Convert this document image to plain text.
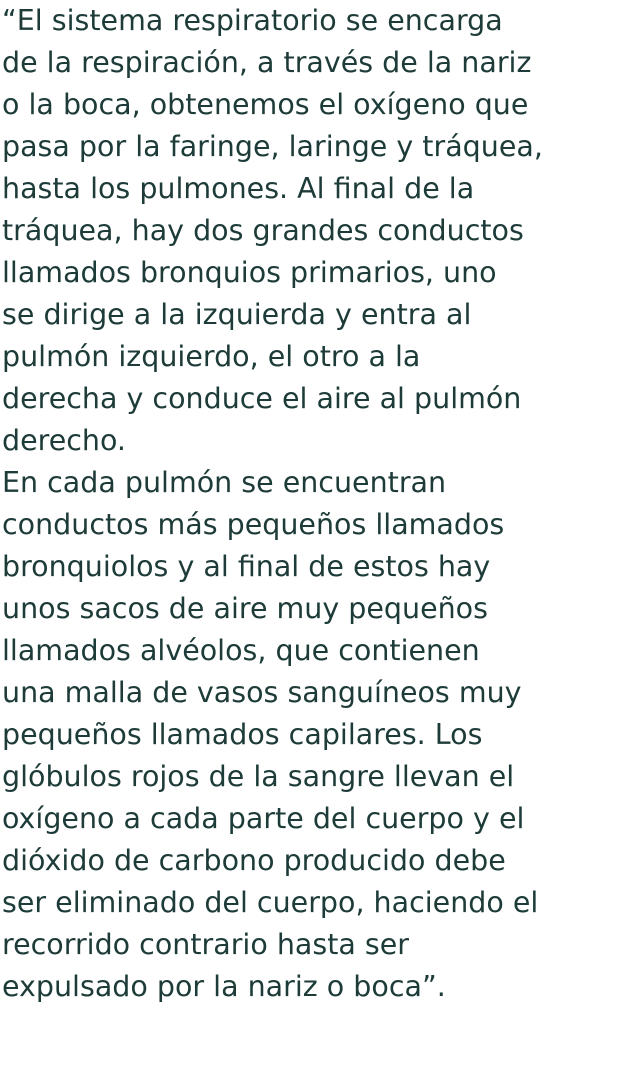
“El sistema respiratorio se encarga
de la respiración, a través de la nariz
o la boca, obtenemos el oxígeno que
pasa por la faringe, laringe y tráquea,
hasta los pulmones. Al final de la
tráquea, hay dos grandes conductos
llamados bronquios primarios, uno
se dirige a la izquierda y entra al
pulmón izquierdo, el otro a la
derecha y conduce el aire al pulmón
derecho.
En cada pulmón se encuentran
conductos más pequeños llamados
bronquiolos y al final de estos hay
unos sacos de aire muy pequeños
llamados alvéolos, que contienen
una malla de vasos sanguíneos muy
pequeños llamados capilares. Los
glóbulos rojos de la sangre llevan el
oxígeno a cada parte del cuerpo y el
dióxido de carbono producido debe
ser eliminado del cuerpo, haciendo el
recorrido contrario hasta ser
expulsado por la nariz o boca”.
